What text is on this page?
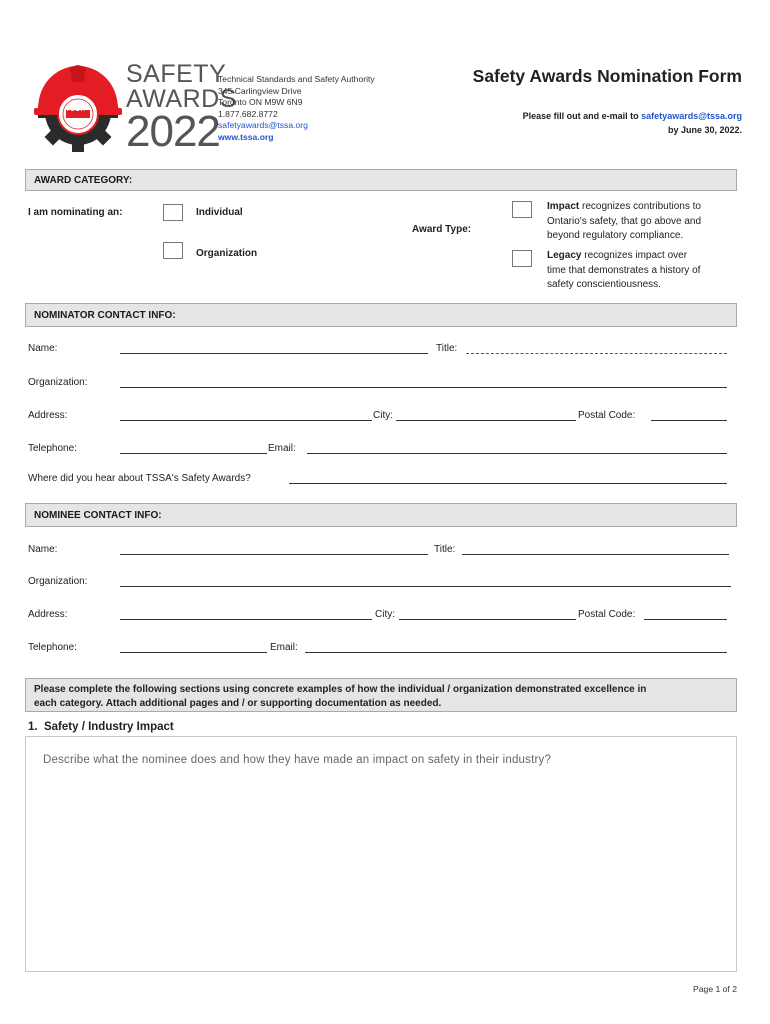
TSSA
SAFETY
AWARDS
2022
Technical Standards and Safety Authority
345 Carlingview Drive
Toronto ON M9W 6N9
1.877.682.8772
safetyawards@tssa.org
www.tssa.org
Safety Awards Nomination Form
Please fill out and e-mail to safetyawards@tssa.org
by June 30, 2022.
AWARD CATEGORY:
I am nominating an:	Individual
Organization
Award Type:
Impact recognizes contributions to
Ontario's safety, that go above and
beyond regulatory compliance.
Legacy recognizes impact over
time that demonstrates a history of
safety conscientiousness.
NOMINATOR CONTACT INFO:
Name:	Title:
Organization:
Address:	City:	Postal Code:
Telephone:	Email:
Where did you hear about TSSA's Safety Awards?
NOMINEE CONTACT INFO:
Name:	Title:
Organization:
Address:	City:	Postal Code:
Telephone:	Email:
Please complete the following sections using concrete examples of how the individual / organization demonstrated excellence in
each category. Attach additional pages and / or supporting documentation as needed.
1. Safety / Industry Impact
Describe what the nominee does and how they have made an impact on safety in their industry?
Page 1 of 2
